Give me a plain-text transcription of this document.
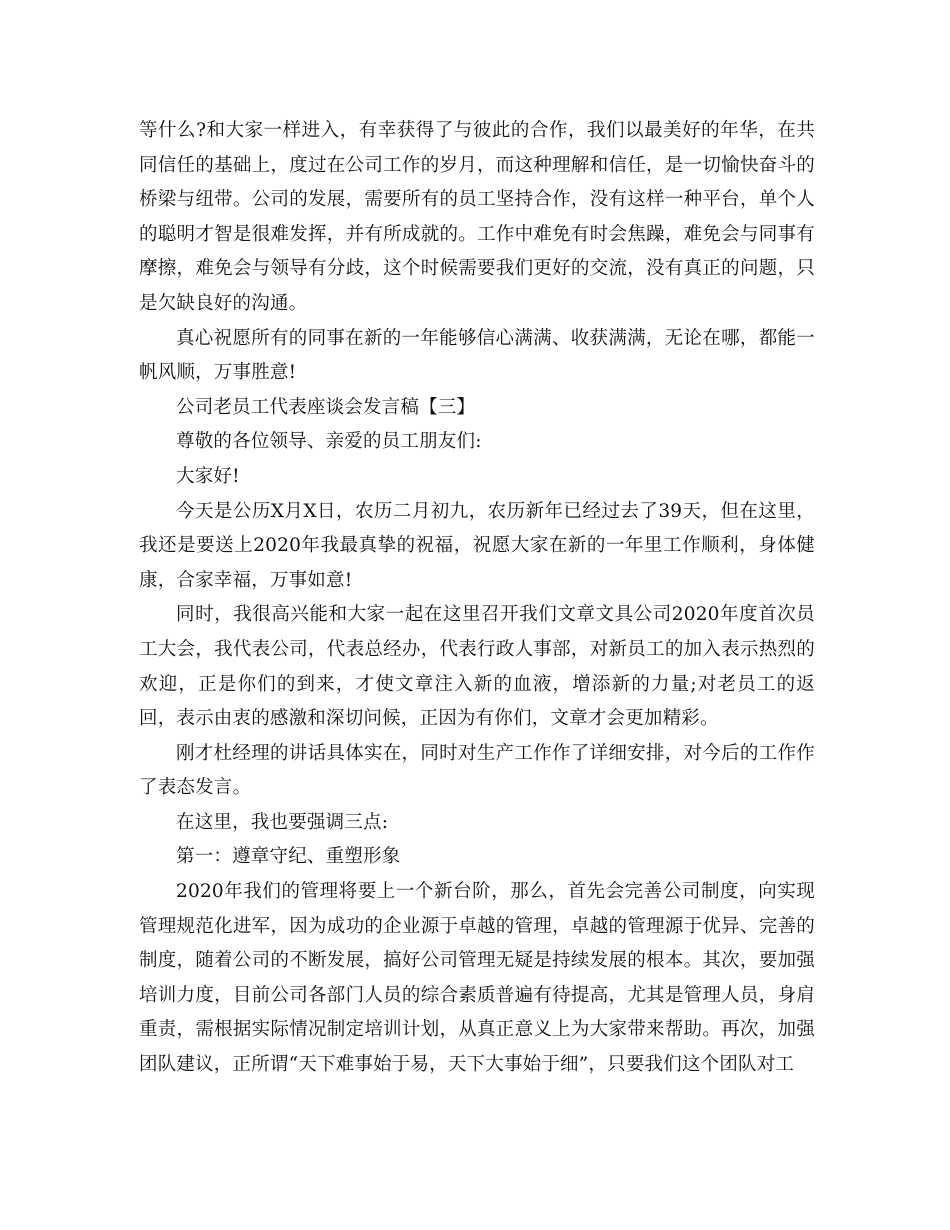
等什么?和大家一样进入，有幸获得了与彼此的合作，我们以最美好的年华，在共同信任的基础上，度过在公司工作的岁月，而这种理解和信任，是一切愉快奋斗的桥梁与纽带。公司的发展，需要所有的员工坚持合作，没有这样一种平台，单个人的聪明才智是很难发挥，并有所成就的。工作中难免有时会焦躁，难免会与同事有摩擦，难免会与领导有分歧，这个时候需要我们更好的交流，没有真正的问题，只是欠缺良好的沟通。

真心祝愿所有的同事在新的一年能够信心满满、收获满满，无论在哪，都能一帆风顺，万事胜意!

公司老员工代表座谈会发言稿【三】

尊敬的各位领导、亲爱的员工朋友们:

大家好!

今天是公历X月X日，农历二月初九，农历新年已经过去了39天，但在这里，我还是要送上2020年我最真挚的祝福，祝愿大家在新的一年里工作顺利，身体健康，合家幸福，万事如意!

同时，我很高兴能和大家一起在这里召开我们文章文具公司2020年度首次员工大会，我代表公司，代表总经办，代表行政人事部，对新员工的加入表示热烈的欢迎，正是你们的到来，才使文章注入新的血液，增添新的力量;对老员工的返回，表示由衷的感激和深切问候，正因为有你们，文章才会更加精彩。

刚才杜经理的讲话具体实在，同时对生产工作作了详细安排，对今后的工作作了表态发言。

在这里，我也要强调三点:

第一：遵章守纪、重塑形象

2020年我们的管理将要上一个新台阶，那么，首先会完善公司制度，向实现管理规范化进军，因为成功的企业源于卓越的管理，卓越的管理源于优异、完善的制度，随着公司的不断发展，搞好公司管理无疑是持续发展的根本。其次，要加强培训力度，目前公司各部门人员的综合素质普遍有待提高，尤其是管理人员，身肩重责，需根据实际情况制定培训计划，从真正意义上为大家带来帮助。再次，加强团队建议，正所谓“天下难事始于易，天下大事始于细”，只要我们这个团队对工
